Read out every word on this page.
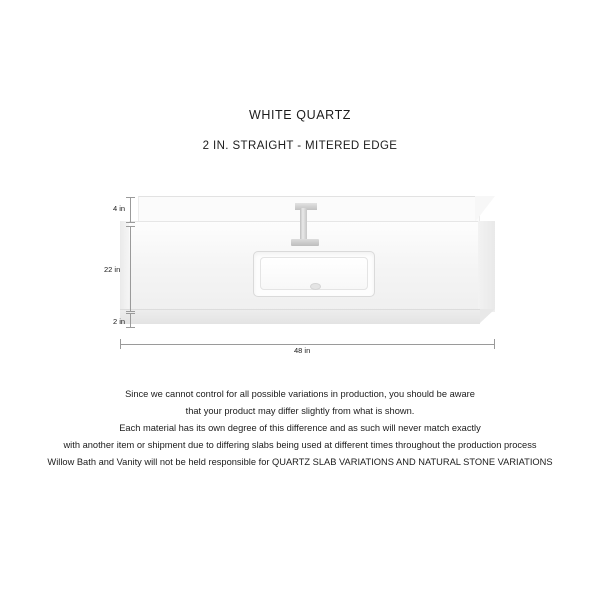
WHITE QUARTZ
2 IN. STRAIGHT - MITERED EDGE
4 in
22 in
2 in
48 in
Since we cannot control for all possible variations in production, you should be aware
that your product may differ slightly from what is shown.
Each material has its own degree of this difference and as such will never match exactly
with another item or shipment due to differing slabs being used at different times throughout the production process
Willow Bath and Vanity will not be held responsible for QUARTZ SLAB VARIATIONS AND NATURAL STONE VARIATIONS
